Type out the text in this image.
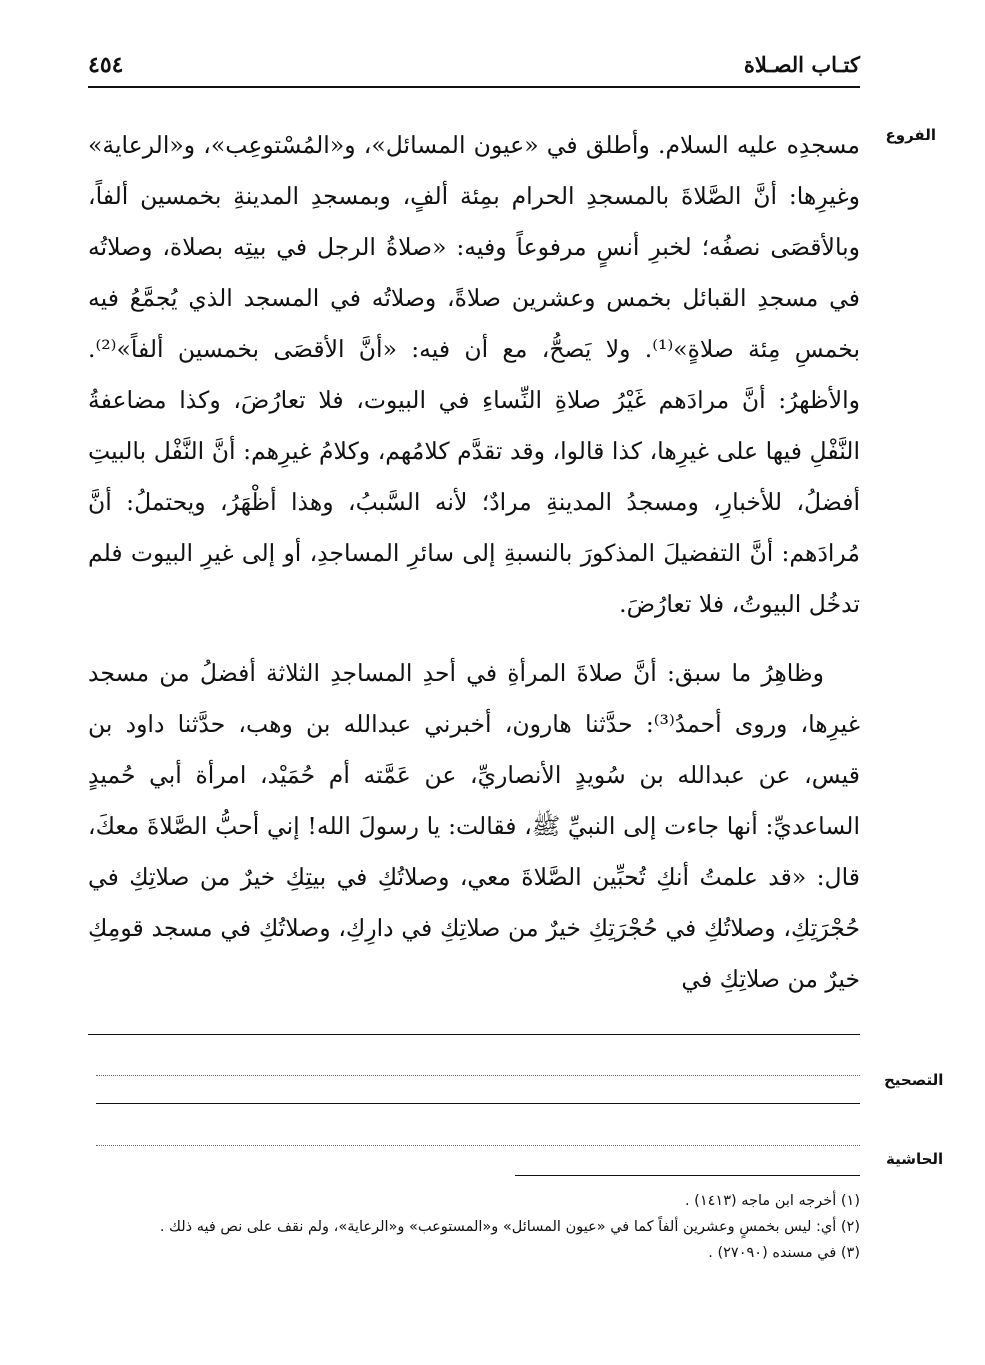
كتـاب الصـلاة
٤٥٤
الفروع

مسجدِه عليه السلام. وأطلق في «عيون المسائل»، و«المُسْتوعِب»، و«الرعاية» وغيرِها: أنَّ الصَّلاةَ بالمسجدِ الحرام بمِئة ألفٍ، وبمسجدِ المدينةِ بخمسين ألفاً، وبالأقصَى نصفُه؛ لخبرِ أنسٍ مرفوعاً وفيه: «صلاةُ الرجل في بيتِه بصلاة، وصلاتُه في مسجدِ القبائل بخمس وعشرين صلاةً، وصلاتُه في المسجد الذي يُجمَّعُ فيه بخمسِ مِئة صلاةٍ»⁽¹⁾. ولا يَصحُّ، مع أن فيه: «أنَّ الأقصَى بخمسين ألفاً»⁽²⁾. والأظهرُ: أنَّ مرادَهم غَيْرُ صلاةِ النِّساءِ في البيوت، فلا تعارُضَ، وكذا مضاعفةُ النَّفْلِ فيها على غيرِها، كذا قالوا، وقد تقدَّم كلامُهم، وكلامُ غيرِهم: أنَّ النَّفْل بالبيتِ أفضلُ، للأخبارِ، ومسجدُ المدينةِ مرادٌ؛ لأنه السَّببُ، وهذا أظْهَرُ، ويحتملُ: أنَّ مُرادَهم: أنَّ التفضيلَ المذكورَ بالنسبةِ إلى سائرِ المساجدِ، أو إلى غيرِ البيوت فلم تدخُل البيوتُ، فلا تعارُضَ.

وظاهِرُ ما سبق: أنَّ صلاةَ المرأةِ في أحدِ المساجدِ الثلاثة أفضلُ من مسجد غيرِها، وروى أحمدُ⁽³⁾: حدَّثنا هارون، أخبرني عبدالله بن وهب، حدَّثنا داود بن قيس، عن عبدالله بن سُويدٍ الأنصاريِّ، عن عَمَّته أم حُمَيْد، امرأة أبي حُميدٍ الساعديِّ: أنها جاءت إلى النبيِّ ﷺ، فقالت: يا رسولَ الله! إني أحبُّ الصَّلاةَ معكَ، قال: «قد علمتُ أنكِ تُحبِّين الصَّلاةَ معي، وصلاتُكِ في بيتِكِ خيرٌ من صلاتِكِ في حُجْرَتِكِ، وصلاتُكِ في حُجْرَتِكِ خيرٌ من صلاتِكِ في دارِكِ، وصلاتُكِ في مسجد قومِكِ خيرٌ من صلاتِكِ في

التصحيح
الحاشية
(١) أخرجه ابن ماجه (١٤١٣) .
(٢) أي: ليس بخمسٍ وعشرين ألفاً كما في «عيون المسائل» و«المستوعب» و«الرعاية»، ولم نقف على نص فيه ذلك .
(٣) في مسنده (٢٧٠٩٠) .
